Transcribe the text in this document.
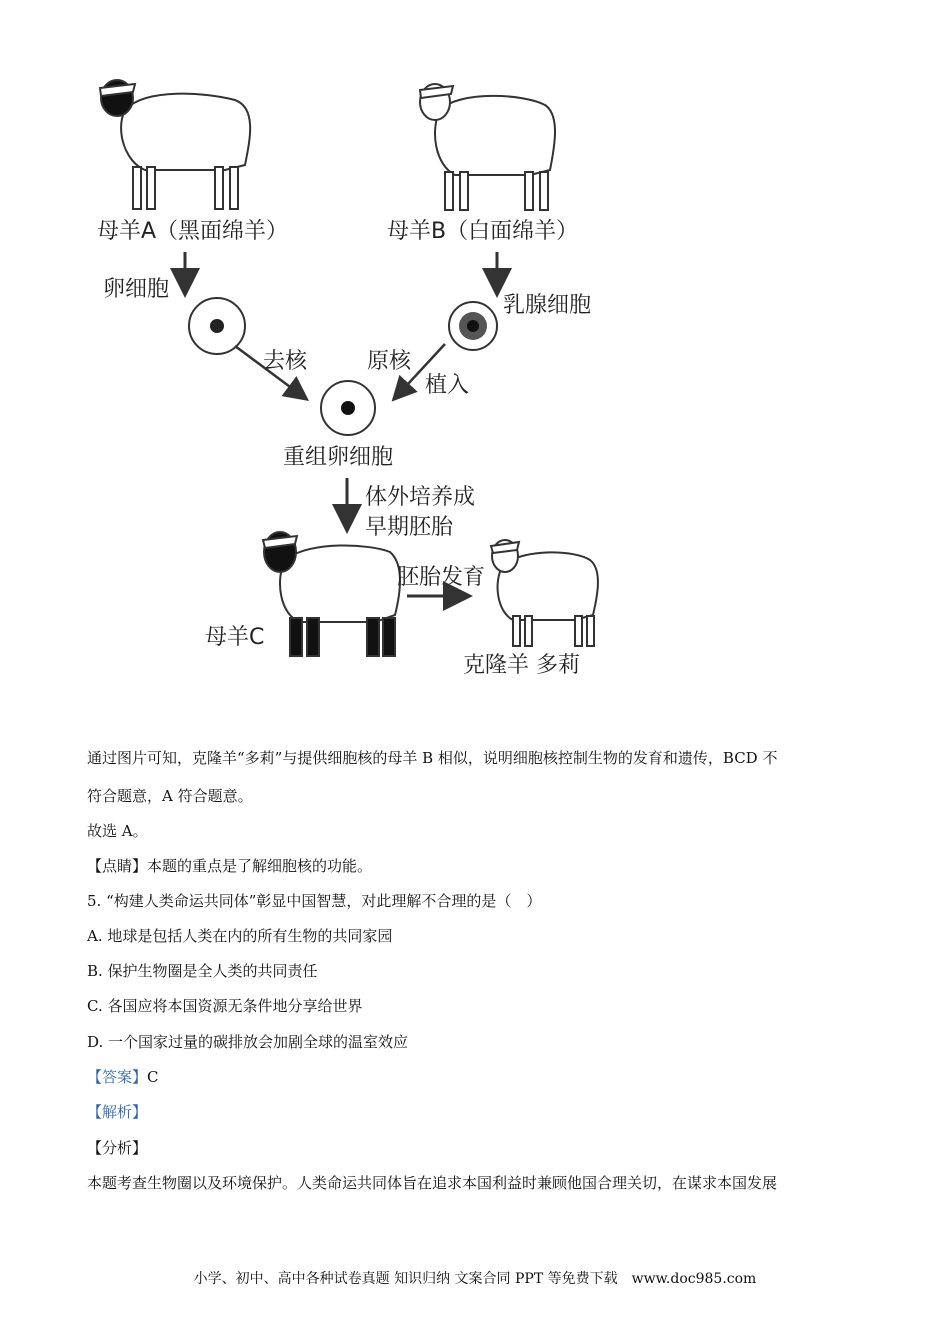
母羊A（黑面绵羊）	母羊B（白面绵羊）
卵细胞
乳腺细胞
去核	原核
植入
重组卵细胞
体外培养成
早期胚胎
母羊C
胚胎发育
克隆羊 多莉
通过图片可知，克隆羊“多莉”与提供细胞核的母羊 B 相似，说明细胞核控制生物的发育和遗传，BCD 不
符合题意，A 符合题意。
故选 A。
【点睛】本题的重点是了解细胞核的功能。
5. “构建人类命运共同体”彰显中国智慧，对此理解不合理的是（　）
A. 地球是包括人类在内的所有生物的共同家园
B. 保护生物圈是全人类的共同责任
C. 各国应将本国资源无条件地分享给世界
D. 一个国家过量的碳排放会加剧全球的温室效应
【答案】C
【解析】
【分析】
本题考查生物圈以及环境保护。人类命运共同体旨在追求本国利益时兼顾他国合理关切，在谋求本国发展
小学、初中、高中各种试卷真题 知识归纳 文案合同 PPT 等免费下载　www.doc985.com
